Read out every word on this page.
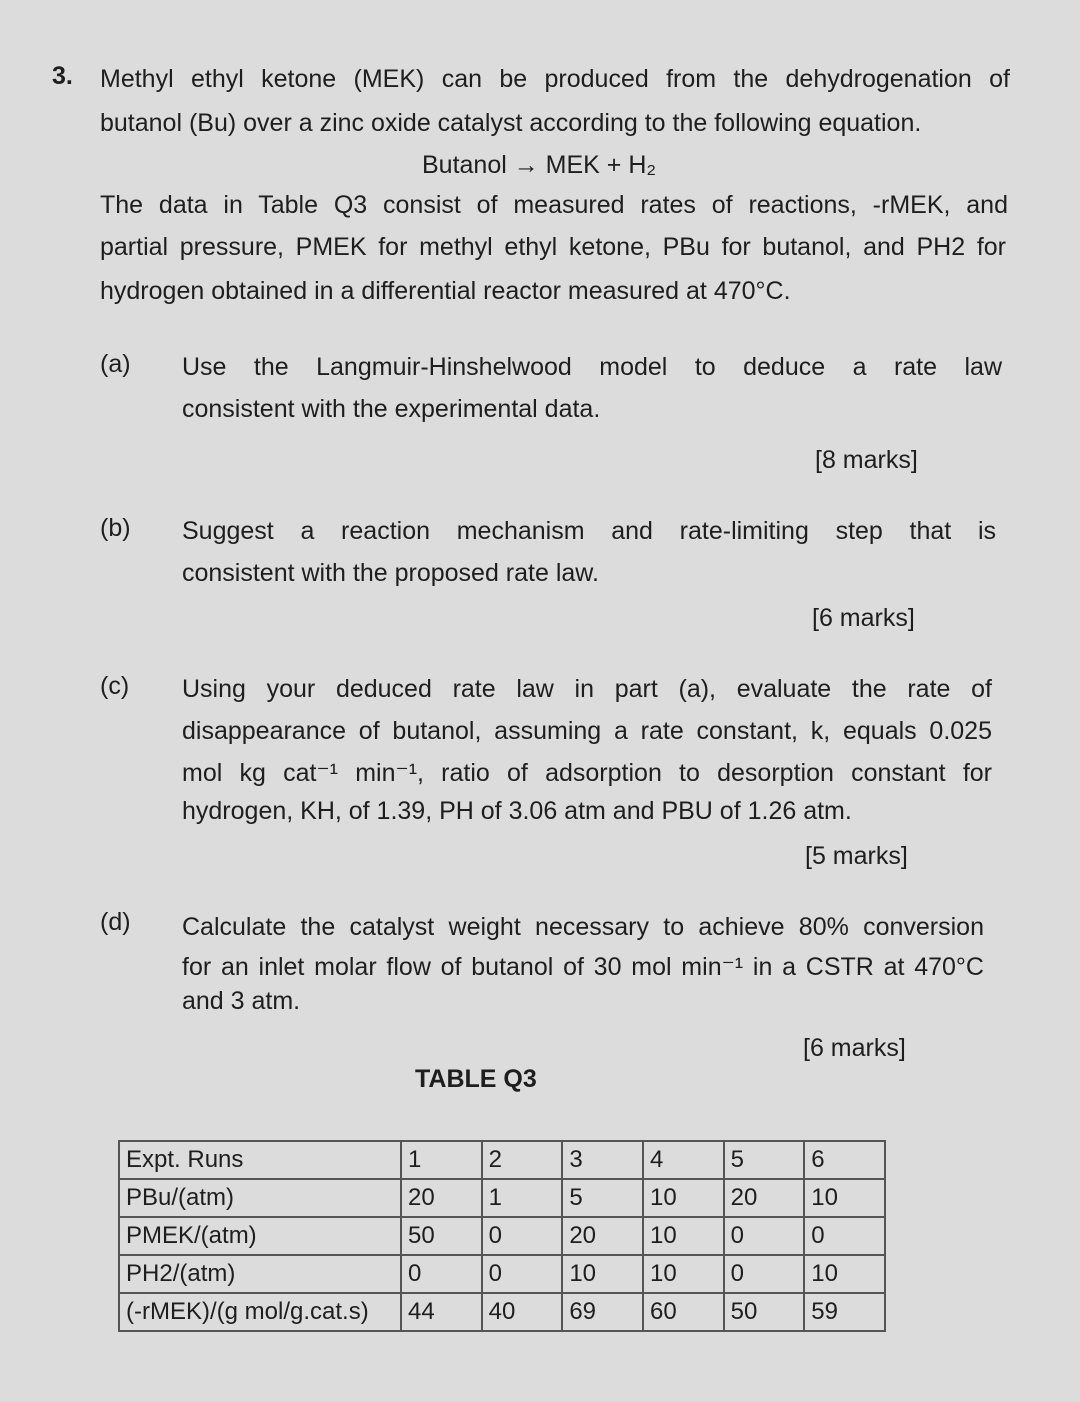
3. Methyl ethyl ketone (MEK) can be produced from the dehydrogenation of
butanol (Bu) over a zinc oxide catalyst according to the following equation.
Butanol → MEK + H₂
The data in Table Q3 consist of measured rates of reactions, -rMEK, and
partial pressure, PMEK for methyl ethyl ketone, PBu for butanol, and PH2 for
hydrogen obtained in a differential reactor measured at 470°C.
(a) Use the Langmuir-Hinshelwood model to deduce a rate law
consistent with the experimental data.
[8 marks]
(b) Suggest a reaction mechanism and rate-limiting step that is
consistent with the proposed rate law.
[6 marks]
(c) Using your deduced rate law in part (a), evaluate the rate of
disappearance of butanol, assuming a rate constant, k, equals 0.025
mol kg cat⁻¹ min⁻¹, ratio of adsorption to desorption constant for
hydrogen, KH, of 1.39, PH of 3.06 atm and PBU of 1.26 atm.
[5 marks]
(d) Calculate the catalyst weight necessary to achieve 80% conversion
for an inlet molar flow of butanol of 30 mol min⁻¹ in a CSTR at 470°C
and 3 atm.
[6 marks]
TABLE Q3
Expt. Runs	1	2	3	4	5	6
PBu/(atm)	20	1	5	10	20	10
PMEK/(atm)	50	0	20	10	0	0
PH2/(atm)	0	0	10	10	0	10
(-rMEK)/(g mol/g.cat.s)	44	40	69	60	50	59
